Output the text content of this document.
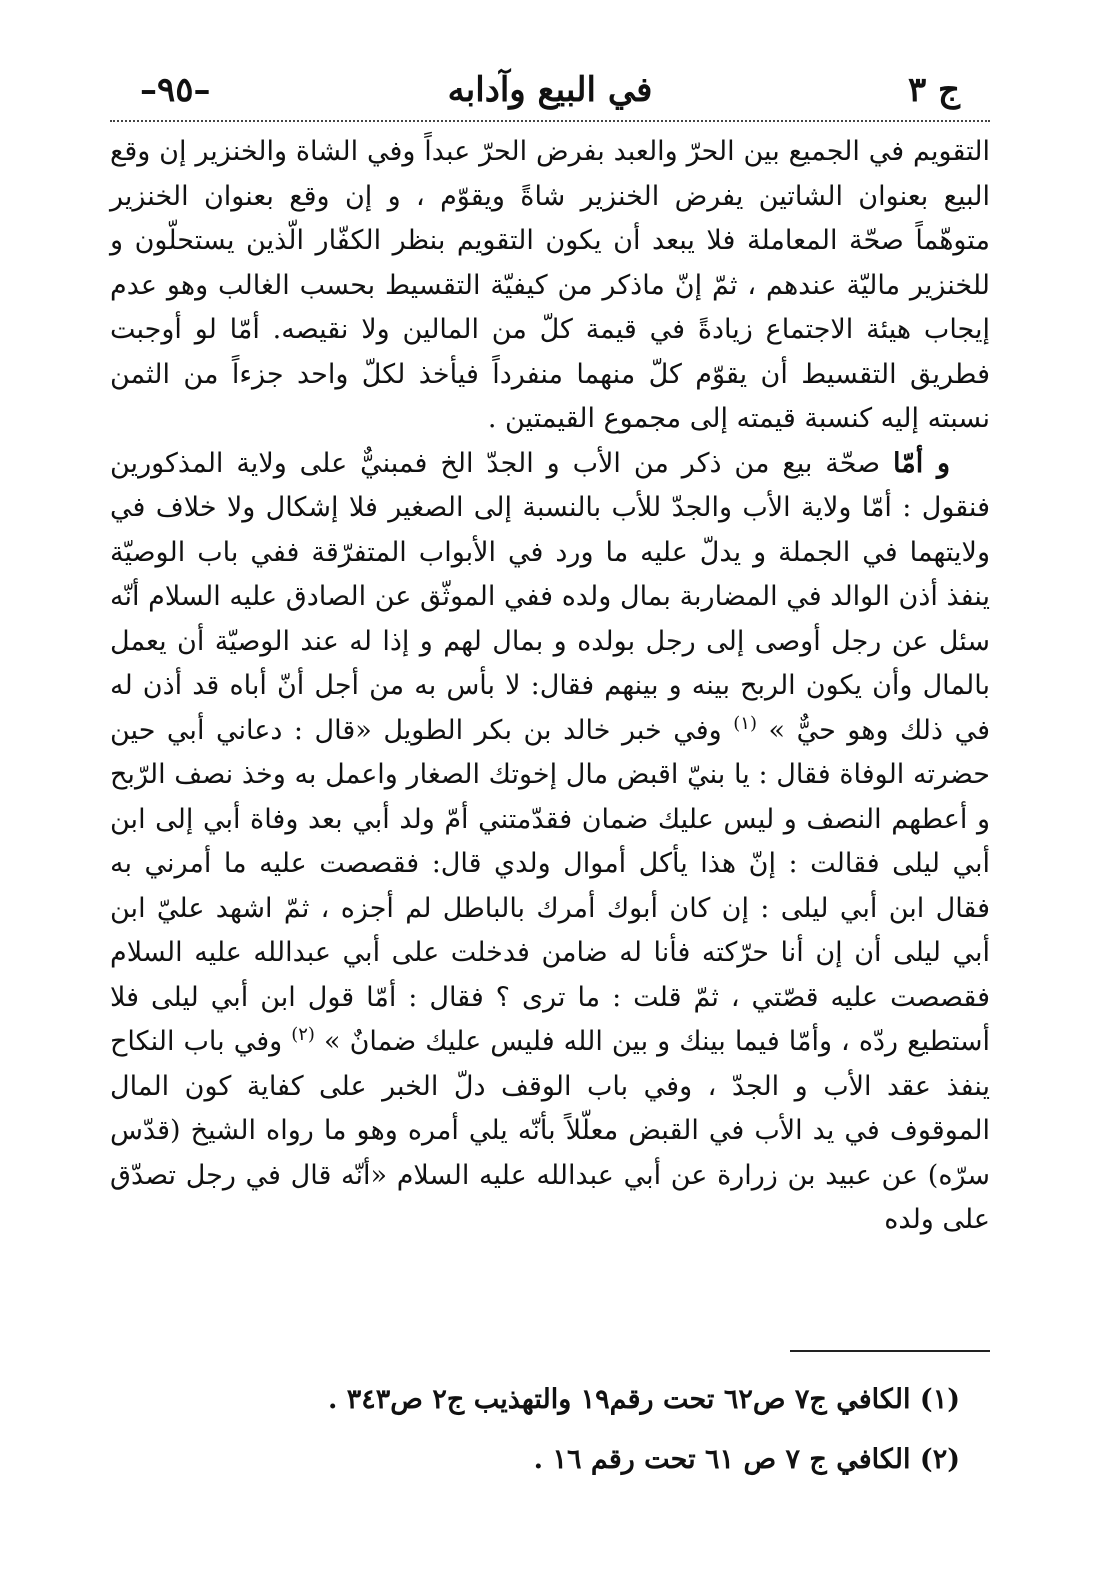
ج ٣
في البيع وآدابه
–٩٥–

التقويم في الجميع بين الحرّ والعبد بفرض الحرّ عبداً وفي الشاة والخنزير إن وقع البيع بعنوان الشاتين يفرض الخنزير شاةً ويقوّم ، و إن وقع بعنوان الخنزير متوهّماً صحّة المعاملة فلا يبعد أن يكون التقويم بنظر الكفّار الّذين يستحلّون و للخنزير ماليّة عندهم ، ثمّ إنّ ماذكر من كيفيّة التقسيط بحسب الغالب وهو عدم إيجاب هيئة الاجتماع زيادةً في قيمة كلّ من المالين ولا نقيصه. أمّا لو أوجبت فطريق التقسيط أن يقوّم كلّ منهما منفرداً فيأخذ لكلّ واحد جزءاً من الثمن نسبته إليه كنسبة قيمته إلى مجموع القيمتين .

و أمّا صحّة بيع من ذكر من الأب و الجدّ الخ فمبنيٌّ على ولاية المذكورين فنقول : أمّا ولاية الأب والجدّ للأب بالنسبة إلى الصغير فلا إشكال ولا خلاف في ولايتهما في الجملة و يدلّ عليه ما ورد في الأبواب المتفرّقة ففي باب الوصيّة ينفذ أذن الوالد في المضاربة بمال ولده ففي الموثّق عن الصادق عليه السلام أنّه سئل عن رجل أوصى إلى رجل بولده و بمال لهم و إذا له عند الوصيّة أن يعمل بالمال وأن يكون الربح بينه و بينهم فقال: لا بأس به من أجل أنّ أباه قد أذن له في ذلك وهو حيٌّ » $^{(١)}$ وفي خبر خالد بن بكر الطويل «قال : دعاني أبي حين حضرته الوفاة فقال : يا بنيّ اقبض مال إخوتك الصغار واعمل به وخذ نصف الرّبح و أعطهم النصف و ليس عليك ضمان فقدّمتني أمّ ولد أبي بعد وفاة أبي إلى ابن أبي ليلى فقالت : إنّ هذا يأكل أموال ولدي قال: فقصصت عليه ما أمرني به فقال ابن أبي ليلى : إن كان أبوك أمرك بالباطل لم أجزه ، ثمّ اشهد عليّ ابن أبي ليلى أن إن أنا حرّكته فأنا له ضامن فدخلت على أبي عبدالله عليه السلام فقصصت عليه قصّتي ، ثمّ قلت : ما ترى ؟ فقال : أمّا قول ابن أبي ليلى فلا أستطيع ردّه ، وأمّا فيما بينك و بين الله فليس عليك ضمانٌ » $^{(٢)}$ وفي باب النكاح ينفذ عقد الأب و الجدّ ، وفي باب الوقف دلّ الخبر على كفاية كون المال الموقوف في يد الأب في القبض معلّلاً بأنّه يلي أمره وهو ما رواه الشيخ (قدّس سرّه) عن عبيد بن زرارة عن أبي عبدالله عليه السلام «أنّه قال في رجل تصدّق على ولده

(١) الكافي ج٧ ص٦٢ تحت رقم١٩ والتهذيب ج٢ ص٣٤٣ .
(٢) الكافي ج ٧ ص ٦١ تحت رقم ١٦ .
